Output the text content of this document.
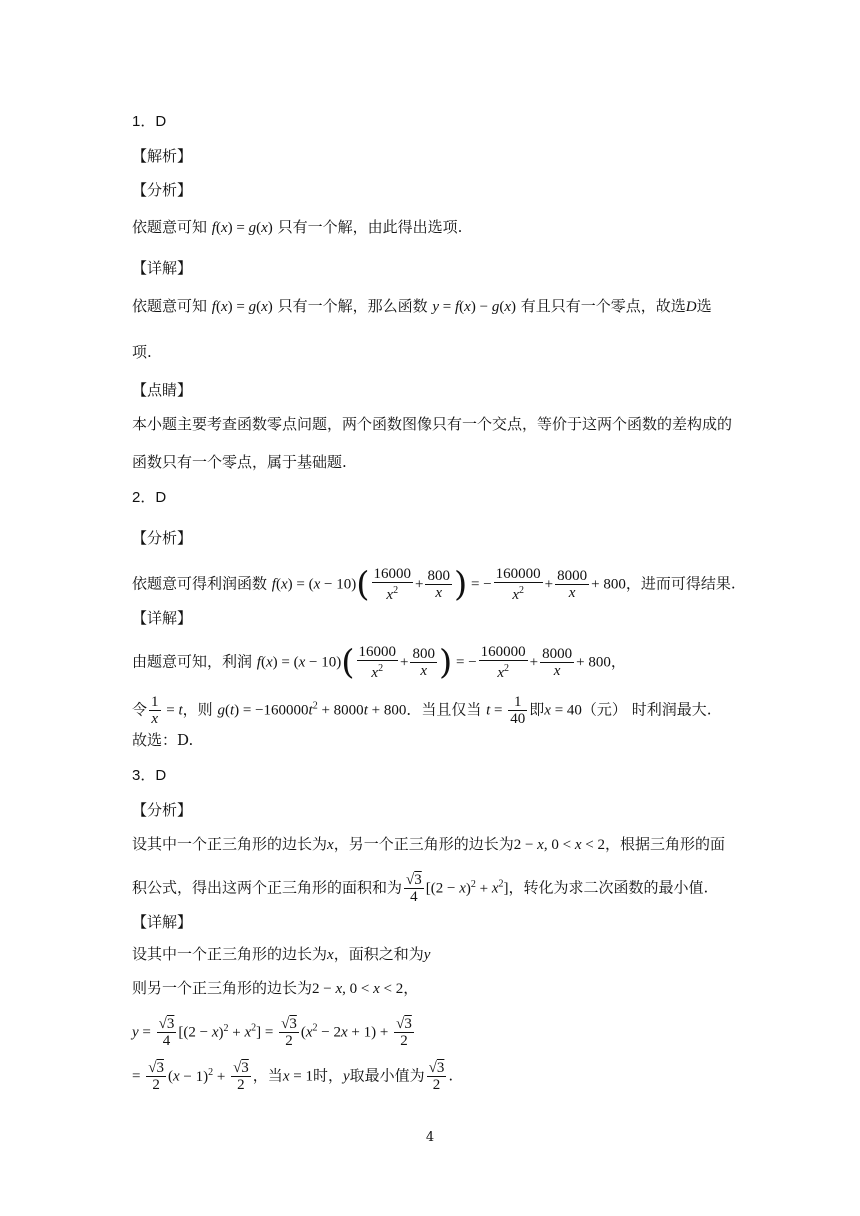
1．D
【解析】
【分析】
依题意可知 f(x) = g(x) 只有一个解，由此得出选项.
【详解】
依题意可知 f(x) = g(x) 只有一个解，那么函数 y = f(x) − g(x) 有且只有一个零点，故选D选
项.
【点睛】
本小题主要考查函数零点问题，两个函数图像只有一个交点，等价于这两个函数的差构成的
函数只有一个零点，属于基础题.
2．D
【分析】
依题意可得利润函数 $f(x) = (x - 10)( \frac{16000}{x^2} + \frac{800}{x}$ ) = − $\frac{160000}{x^2} + \frac{8000}{x} + 800$，进而可得结果.
【详解】
由题意可知，利润 $f(x) = (x - 10)( \frac{16000}{x^2} + \frac{800}{x}$ ) = − $\frac{160000}{x^2} + \frac{8000}{x} + 800$，
令 $\frac{1}{x} = t$，则 $g(t) = -160000t^2 + 8000t + 800$．当且仅当 $t = \frac{1}{40}$ 即x = 40（元） 时利润最大.
故选：D.
3．D
【分析】
设其中一个正三角形的边长为x，另一个正三角形的边长为2 − x, 0 < x < 2，根据三角形的面
积公式，得出这两个正三角形的面积和为 $\frac{√3}{4} [(2 - x)^2 + x^2]$，转化为求二次函数的最小值.
【详解】
设其中一个正三角形的边长为x，面积之和为y
则另一个正三角形的边长为2 − x, 0 < x < 2，
$y = \frac{√3}{4} [(2 - x)^2 + x^2] = \frac{√3}{2} (x^2 - 2x + 1) + \frac{√3}{2}$
= $\frac{√3}{2} (x - 1)^2 + \frac{√3}{2}$ ，当x = 1时，y取最小值为 $\frac{√3}{2}$ .
4
